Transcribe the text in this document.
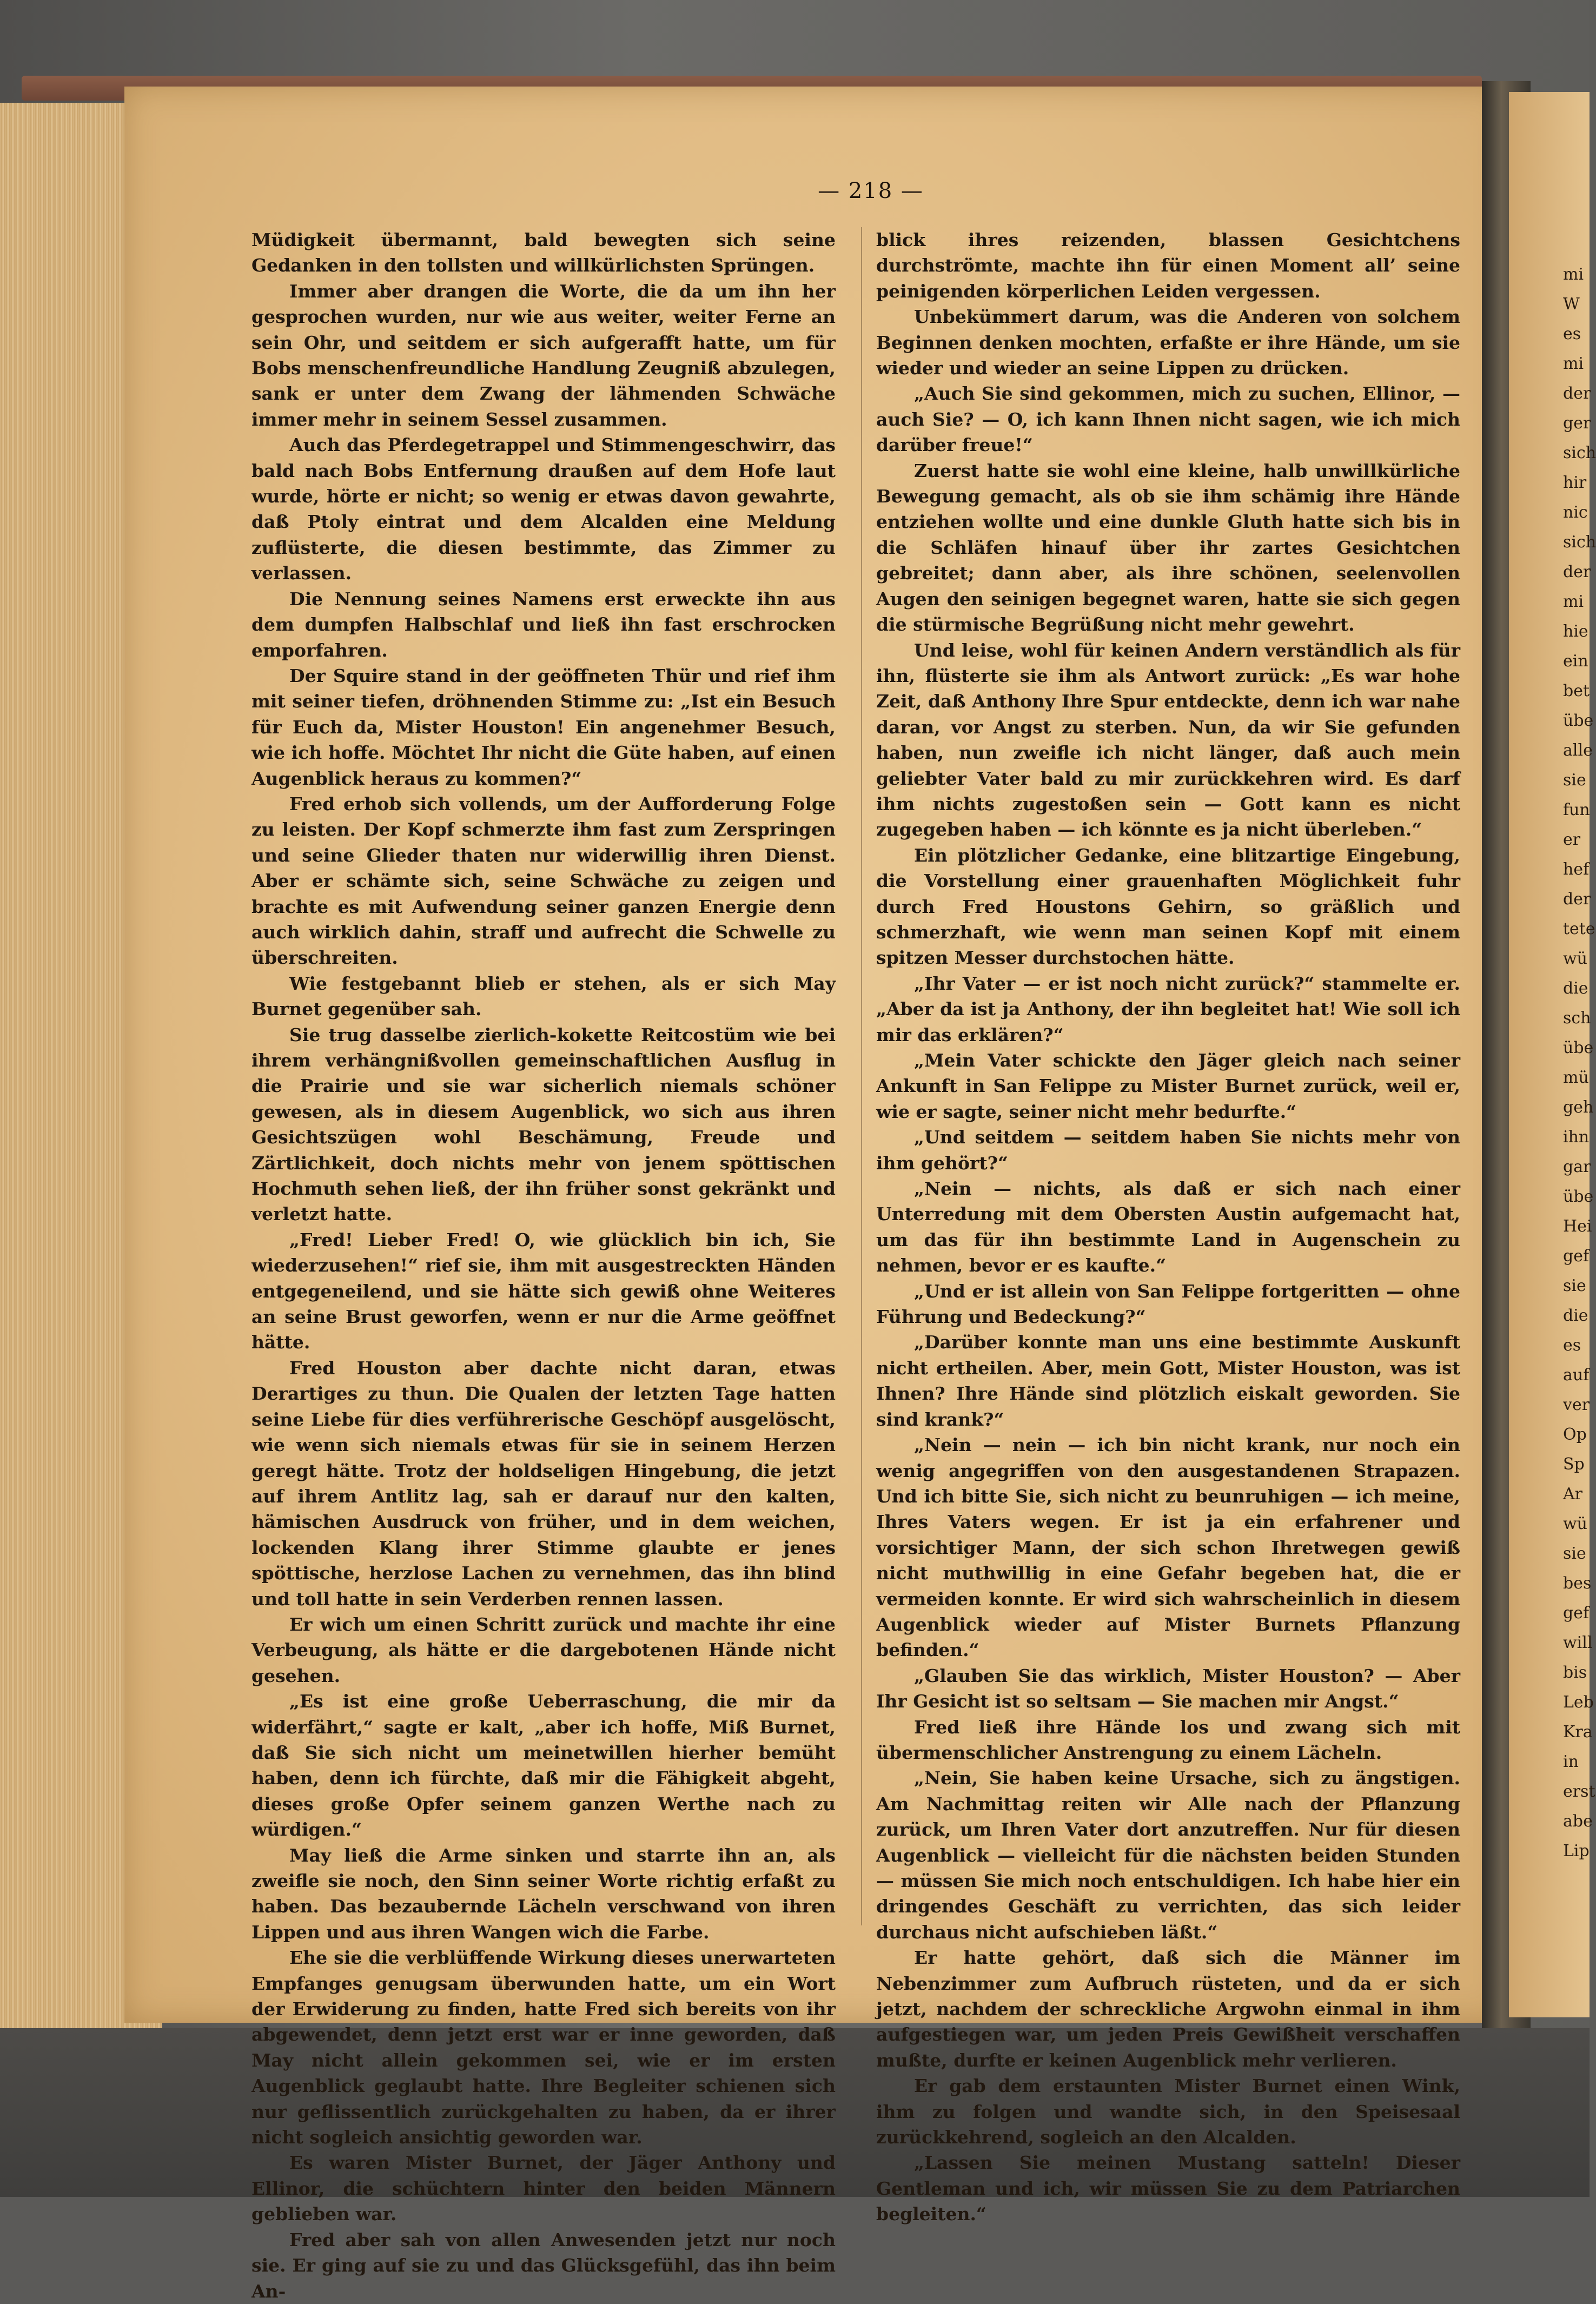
mi
W
es
mi
der
ger
sich
hir
nic
sich
der
mi
hie
ein
bet
übe
alle
sie
fun
er
hef
der
tete
wü
die
sch
übe
mü
geh
ihn
gar
übe
Hei
gef
sie
die
es
auf
ver
Op
Sp
Ar
wü
sie
bes
gef
will
bis
Leb
Kra
in
erst
abe
Lip
— 218 —

Müdigkeit übermannt, bald bewegten sich seine Gedanken in den tollsten und willkürlichsten Sprüngen.

Immer aber drangen die Worte, die da um ihn her gesprochen wurden, nur wie aus weiter, weiter Ferne an sein Ohr, und seitdem er sich aufgerafft hatte, um für Bobs menschenfreundliche Handlung Zeugniß abzulegen, sank er unter dem Zwang der lähmenden Schwäche immer mehr in seinem Sessel zusammen.

Auch das Pferdegetrappel und Stimmengeschwirr, das bald nach Bobs Entfernung draußen auf dem Hofe laut wurde, hörte er nicht; so wenig er etwas davon gewahrte, daß Ptoly eintrat und dem Alcalden eine Meldung zuflüsterte, die diesen bestimmte, das Zimmer zu verlassen.

Die Nennung seines Namens erst erweckte ihn aus dem dumpfen Halbschlaf und ließ ihn fast erschrocken emporfahren.

Der Squire stand in der geöffneten Thür und rief ihm mit seiner tiefen, dröhnenden Stimme zu: „Ist ein Besuch für Euch da, Mister Houston! Ein angenehmer Besuch, wie ich hoffe. Möchtet Ihr nicht die Güte haben, auf einen Augenblick heraus zu kommen?“

Fred erhob sich vollends, um der Aufforderung Folge zu leisten. Der Kopf schmerzte ihm fast zum Zerspringen und seine Glieder thaten nur widerwillig ihren Dienst. Aber er schämte sich, seine Schwäche zu zeigen und brachte es mit Aufwendung seiner ganzen Energie denn auch wirklich dahin, straff und aufrecht die Schwelle zu überschreiten.

Wie festgebannt blieb er stehen, als er sich May Burnet gegenüber sah.

Sie trug dasselbe zierlich-kokette Reitcostüm wie bei ihrem verhängnißvollen gemeinschaftlichen Ausflug in die Prairie und sie war sicherlich niemals schöner gewesen, als in diesem Augenblick, wo sich aus ihren Gesichtszügen wohl Beschämung, Freude und Zärtlichkeit, doch nichts mehr von jenem spöttischen Hochmuth sehen ließ, der ihn früher sonst gekränkt und verletzt hatte.

„Fred! Lieber Fred! O, wie glücklich bin ich, Sie wiederzusehen!“ rief sie, ihm mit ausgestreckten Händen entgegeneilend, und sie hätte sich gewiß ohne Weiteres an seine Brust geworfen, wenn er nur die Arme geöffnet hätte.

Fred Houston aber dachte nicht daran, etwas Derartiges zu thun. Die Qualen der letzten Tage hatten seine Liebe für dies verführerische Geschöpf ausgelöscht, wie wenn sich niemals etwas für sie in seinem Herzen geregt hätte. Trotz der holdseligen Hingebung, die jetzt auf ihrem Antlitz lag, sah er darauf nur den kalten, hämischen Ausdruck von früher, und in dem weichen, lockenden Klang ihrer Stimme glaubte er jenes spöttische, herzlose Lachen zu vernehmen, das ihn blind und toll hatte in sein Verderben rennen lassen.

Er wich um einen Schritt zurück und machte ihr eine Verbeugung, als hätte er die dargebotenen Hände nicht gesehen.

„Es ist eine große Ueberraschung, die mir da widerfährt,“ sagte er kalt, „aber ich hoffe, Miß Burnet, daß Sie sich nicht um meinetwillen hierher bemüht haben, denn ich fürchte, daß mir die Fähigkeit abgeht, dieses große Opfer seinem ganzen Werthe nach zu würdigen.“

May ließ die Arme sinken und starrte ihn an, als zweifle sie noch, den Sinn seiner Worte richtig erfaßt zu haben. Das bezaubernde Lächeln verschwand von ihren Lippen und aus ihren Wangen wich die Farbe.

Ehe sie die verblüffende Wirkung dieses unerwarteten Empfanges genugsam überwunden hatte, um ein Wort der Erwiderung zu finden, hatte Fred sich bereits von ihr abgewendet, denn jetzt erst war er inne geworden, daß May nicht allein gekommen sei, wie er im ersten Augenblick geglaubt hatte. Ihre Begleiter schienen sich nur geflissentlich zurückgehalten zu haben, da er ihrer nicht sogleich ansichtig geworden war.

Es waren Mister Burnet, der Jäger Anthony und Ellinor, die schüchtern hinter den beiden Männern geblieben war.

Fred aber sah von allen Anwesenden jetzt nur noch sie. Er ging auf sie zu und das Glücksgefühl, das ihn beim An-

blick ihres reizenden, blassen Gesichtchens durchströmte, machte ihn für einen Moment all’ seine peinigenden körperlichen Leiden vergessen.

Unbekümmert darum, was die Anderen von solchem Beginnen denken mochten, erfaßte er ihre Hände, um sie wieder und wieder an seine Lippen zu drücken.

„Auch Sie sind gekommen, mich zu suchen, Ellinor, — auch Sie? — O, ich kann Ihnen nicht sagen, wie ich mich darüber freue!“

Zuerst hatte sie wohl eine kleine, halb unwillkürliche Bewegung gemacht, als ob sie ihm schämig ihre Hände entziehen wollte und eine dunkle Gluth hatte sich bis in die Schläfen hinauf über ihr zartes Gesichtchen gebreitet; dann aber, als ihre schönen, seelenvollen Augen den seinigen begegnet waren, hatte sie sich gegen die stürmische Begrüßung nicht mehr gewehrt.

Und leise, wohl für keinen Andern verständlich als für ihn, flüsterte sie ihm als Antwort zurück: „Es war hohe Zeit, daß Anthony Ihre Spur entdeckte, denn ich war nahe daran, vor Angst zu sterben. Nun, da wir Sie gefunden haben, nun zweifle ich nicht länger, daß auch mein geliebter Vater bald zu mir zurückkehren wird. Es darf ihm nichts zugestoßen sein — Gott kann es nicht zugegeben haben — ich könnte es ja nicht überleben.“

Ein plötzlicher Gedanke, eine blitzartige Eingebung, die Vorstellung einer grauenhaften Möglichkeit fuhr durch Fred Houstons Gehirn, so gräßlich und schmerzhaft, wie wenn man seinen Kopf mit einem spitzen Messer durchstochen hätte.

„Ihr Vater — er ist noch nicht zurück?“ stammelte er. „Aber da ist ja Anthony, der ihn begleitet hat! Wie soll ich mir das erklären?“

„Mein Vater schickte den Jäger gleich nach seiner Ankunft in San Felippe zu Mister Burnet zurück, weil er, wie er sagte, seiner nicht mehr bedurfte.“

„Und seitdem — seitdem haben Sie nichts mehr von ihm gehört?“

„Nein — nichts, als daß er sich nach einer Unterredung mit dem Obersten Austin aufgemacht hat, um das für ihn bestimmte Land in Augenschein zu nehmen, bevor er es kaufte.“

„Und er ist allein von San Felippe fortgeritten — ohne Führung und Bedeckung?“

„Darüber konnte man uns eine bestimmte Auskunft nicht ertheilen. Aber, mein Gott, Mister Houston, was ist Ihnen? Ihre Hände sind plötzlich eiskalt geworden. Sie sind krank?“

„Nein — nein — ich bin nicht krank, nur noch ein wenig angegriffen von den ausgestandenen Strapazen. Und ich bitte Sie, sich nicht zu beunruhigen — ich meine, Ihres Vaters wegen. Er ist ja ein erfahrener und vorsichtiger Mann, der sich schon Ihretwegen gewiß nicht muthwillig in eine Gefahr begeben hat, die er vermeiden konnte. Er wird sich wahrscheinlich in diesem Augenblick wieder auf Mister Burnets Pflanzung befinden.“

„Glauben Sie das wirklich, Mister Houston? — Aber Ihr Gesicht ist so seltsam — Sie machen mir Angst.“

Fred ließ ihre Hände los und zwang sich mit übermenschlicher Anstrengung zu einem Lächeln.

„Nein, Sie haben keine Ursache, sich zu ängstigen. Am Nachmittag reiten wir Alle nach der Pflanzung zurück, um Ihren Vater dort anzutreffen. Nur für diesen Augenblick — vielleicht für die nächsten beiden Stunden — müssen Sie mich noch entschuldigen. Ich habe hier ein dringendes Geschäft zu verrichten, das sich leider durchaus nicht aufschieben läßt.“

Er hatte gehört, daß sich die Männer im Nebenzimmer zum Aufbruch rüsteten, und da er sich jetzt, nachdem der schreckliche Argwohn einmal in ihm aufgestiegen war, um jeden Preis Gewißheit verschaffen mußte, durfte er keinen Augenblick mehr verlieren.

Er gab dem erstaunten Mister Burnet einen Wink, ihm zu folgen und wandte sich, in den Speisesaal zurückkehrend, sogleich an den Alcalden.

„Lassen Sie meinen Mustang satteln! Dieser Gentleman und ich, wir müssen Sie zu dem Patriarchen begleiten.“
